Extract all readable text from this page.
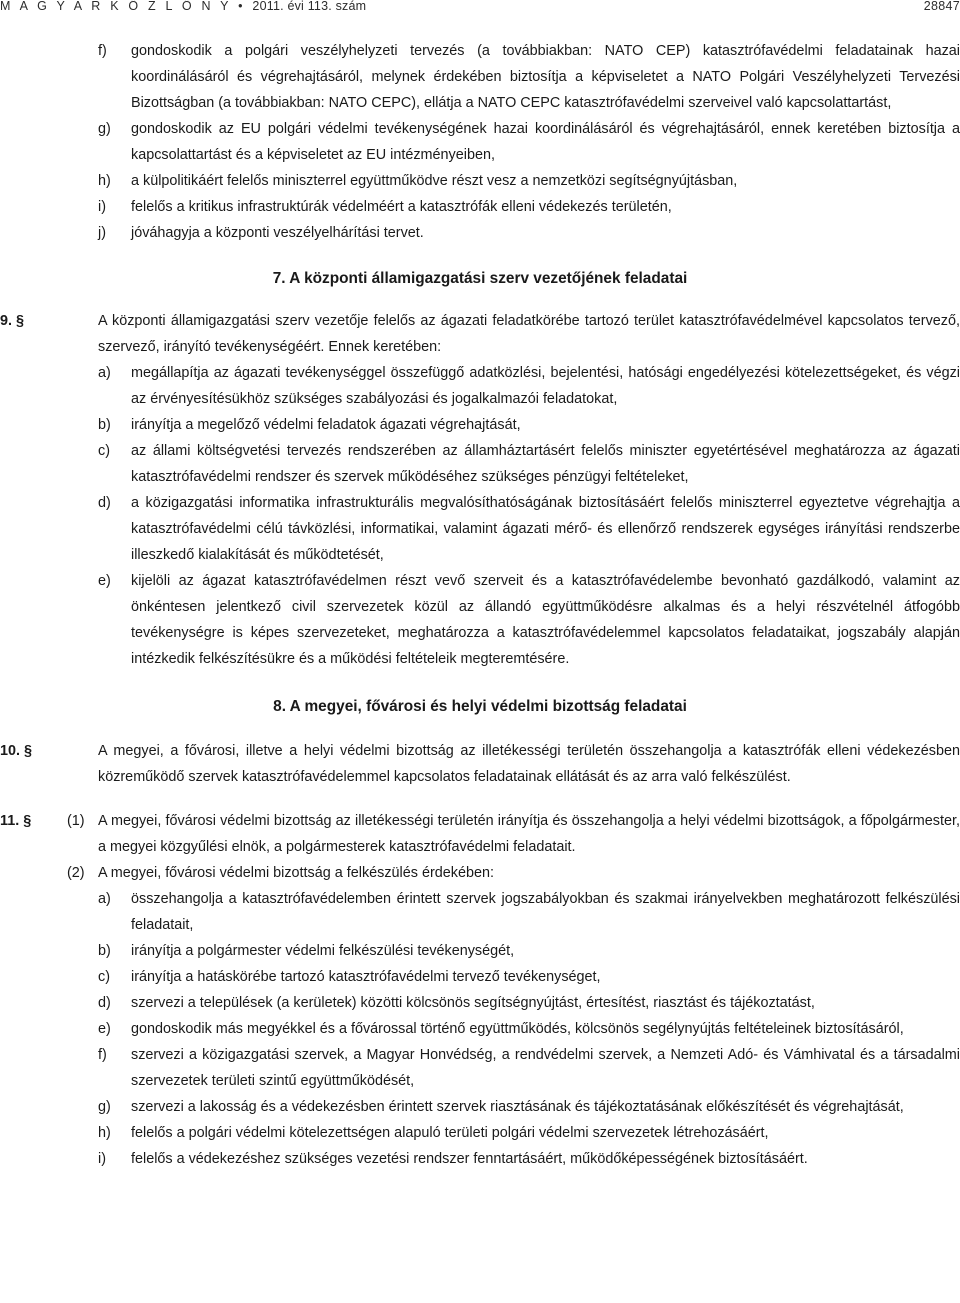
M A G Y A R K Ö Z L Ö N Y • 2011. évi 113. szám	28847
f) gondoskodik a polgári veszélyhelyzeti tervezés (a továbbiakban: NATO CEP) katasztrófavédelmi feladatainak hazai koordinálásáról és végrehajtásáról, melynek érdekében biztosítja a képviseletet a NATO Polgári Veszélyhelyzeti Tervezési Bizottságban (a továbbiakban: NATO CEPC), ellátja a NATO CEPC katasztrófavédelmi szerveivel való kapcsolattartást,
g) gondoskodik az EU polgári védelmi tevékenységének hazai koordinálásáról és végrehajtásáról, ennek keretében biztosítja a kapcsolattartást és a képviseletet az EU intézményeiben,
h) a külpolitikáért felelős miniszterrel együttműködve részt vesz a nemzetközi segítségnyújtásban,
i) felelős a kritikus infrastruktúrák védelméért a katasztrófák elleni védekezés területén,
j) jóváhagyja a központi veszélyelhárítási tervet.
7. A központi államigazgatási szerv vezetőjének feladatai
9. §	A központi államigazgatási szerv vezetője felelős az ágazati feladatkörébe tartozó terület katasztrófavédelmével kapcsolatos tervező, szervező, irányító tevékenységéért. Ennek keretében:
a) megállapítja az ágazati tevékenységgel összefüggő adatközlési, bejelentési, hatósági engedélyezési kötelezettségeket, és végzi az érvényesítésükhöz szükséges szabályozási és jogalkalmazói feladatokat,
b) irányítja a megelőző védelmi feladatok ágazati végrehajtását,
c) az állami költségvetési tervezés rendszerében az államháztartásért felelős miniszter egyetértésével meghatározza az ágazati katasztrófavédelmi rendszer és szervek működéséhez szükséges pénzügyi feltételeket,
d) a közigazgatási informatika infrastrukturális megvalósíthatóságának biztosításáért felelős miniszterrel egyeztetve végrehajtja a katasztrófavédelmi célú távközlési, informatikai, valamint ágazati mérő- és ellenőrző rendszerek egységes irányítási rendszerbe illeszkedő kialakítását és működtetését,
e) kijelöli az ágazat katasztrófavédelmen részt vevő szerveit és a katasztrófavédelembe bevonható gazdálkodó, valamint az önkéntesen jelentkező civil szervezetek közül az állandó együttműködésre alkalmas és a helyi részvételnél átfogóbb tevékenységre is képes szervezeteket, meghatározza a katasztrófavédelemmel kapcsolatos feladataikat, jogszabály alapján intézkedik felkészítésükre és a működési feltételeik megteremtésére.
8. A megyei, fővárosi és helyi védelmi bizottság feladatai
10. §	A megyei, a fővárosi, illetve a helyi védelmi bizottság az illetékességi területén összehangolja a katasztrófák elleni védekezésben közreműködő szervek katasztrófavédelemmel kapcsolatos feladatainak ellátását és az arra való felkészülést.
11. § (1) A megyei, fővárosi védelmi bizottság az illetékességi területén irányítja és összehangolja a helyi védelmi bizottságok, a főpolgármester, a megyei közgyűlési elnök, a polgármesterek katasztrófavédelmi feladatait.
(2) A megyei, fővárosi védelmi bizottság a felkészülés érdekében:
a) összehangolja a katasztrófavédelemben érintett szervek jogszabályokban és szakmai irányelvekben meghatározott felkészülési feladatait,
b) irányítja a polgármester védelmi felkészülési tevékenységét,
c) irányítja a hatáskörébe tartozó katasztrófavédelmi tervező tevékenységet,
d) szervezi a települések (a kerületek) közötti kölcsönös segítségnyújtást, értesítést, riasztást és tájékoztatást,
e) gondoskodik más megyékkel és a fővárossal történő együttműködés, kölcsönös segélynyújtás feltételeinek biztosításáról,
f) szervezi a közigazgatási szervek, a Magyar Honvédség, a rendvédelmi szervek, a Nemzeti Adó- és Vámhivatal és a társadalmi szervezetek területi szintű együttműködését,
g) szervezi a lakosság és a védekezésben érintett szervek riasztásának és tájékoztatásának előkészítését és végrehajtását,
h) felelős a polgári védelmi kötelezettségen alapuló területi polgári védelmi szervezetek létrehozásáért,
i) felelős a védekezéshez szükséges vezetési rendszer fenntartásáért, működőképességének biztosításáért.
